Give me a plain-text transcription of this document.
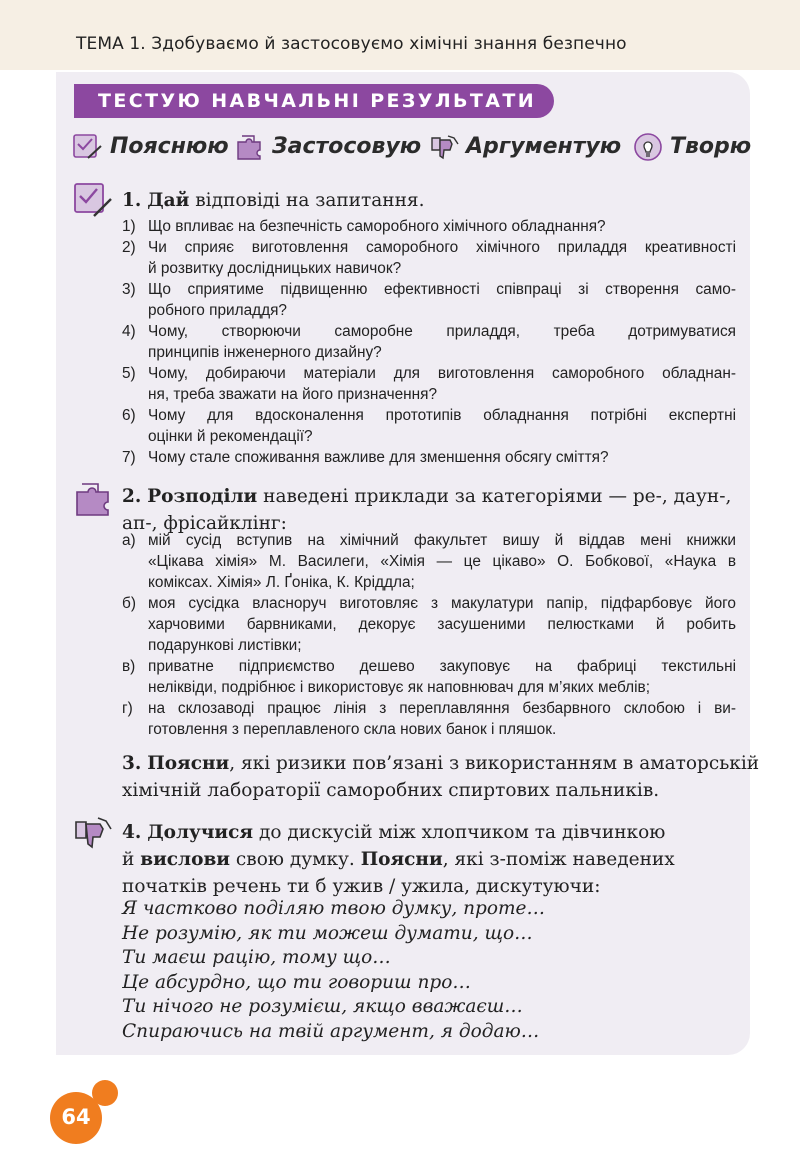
ТЕМА 1. Здобуваємо й застосовуємо хімічні знання безпечно
ТЕСТУЮ НАВЧАЛЬНІ РЕЗУЛЬТАТИ
Пояснюю Застосовую Аргументую Творю
1. Дай відповіді на запитання.
1) Що впливає на безпечність саморобного хімічного обладнання?
2) Чи сприяє виготовлення саморобного хімічного приладдя креативності
й розвитку дослідницьких навичок?
3) Що сприятиме підвищенню ефективності співпраці зі створення само-
робного приладдя?
4) Чому, створюючи саморобне приладдя, треба дотримуватися
принципів інженерного дизайну?
5) Чому, добираючи матеріали для виготовлення саморобного обладнан-
ня, треба зважати на його призначення?
6) Чому для вдосконалення прототипів обладнання потрібні експертні
оцінки й рекомендації?
7) Чому стале споживання важливе для зменшення обсягу сміття?
2. Розподіли наведені приклади за категоріями — ре-, даун-,
ап-, фрісайклінг:
а) мій сусід вступив на хімічний факультет вишу й віддав мені книжки
«Цікава хімія» М. Василеги, «Хімія — це цікаво» О. Бобкової, «Наука в
коміксах. Хімія» Л. Ґоніка, К. Кріддла;
б) моя сусідка власноруч виготовляє з макулатури папір, підфарбовує його
харчовими барвниками, декорує засушеними пелюстками й робить
подарункові листівки;
в) приватне підприємство дешево закуповує на фабриці текстильні
неліквіди, подрібнює і використовує як наповнювач для м’яких меблів;
г) на склозаводі працює лінія з переплавляння безбарвного склобою і ви-
готовлення з переплавленого скла нових банок і пляшок.
3. Поясни, які ризики пов’язані з використанням в аматорській
хімічній лабораторії саморобних спиртових пальників.
4. Долучися до дискусій між хлопчиком та дівчинкою
й вислови свою думку. Поясни, які з-поміж наведених
початків речень ти б ужив / ужила, дискутуючи:
Я частково поділяю твою думку, проте…
Не розумію, як ти можеш думати, що…
Ти маєш рацію, тому що…
Це абсурдно, що ти говориш про…
Ти нічого не розумієш, якщо вважаєш…
Спираючись на твій аргумент, я додаю…
64
